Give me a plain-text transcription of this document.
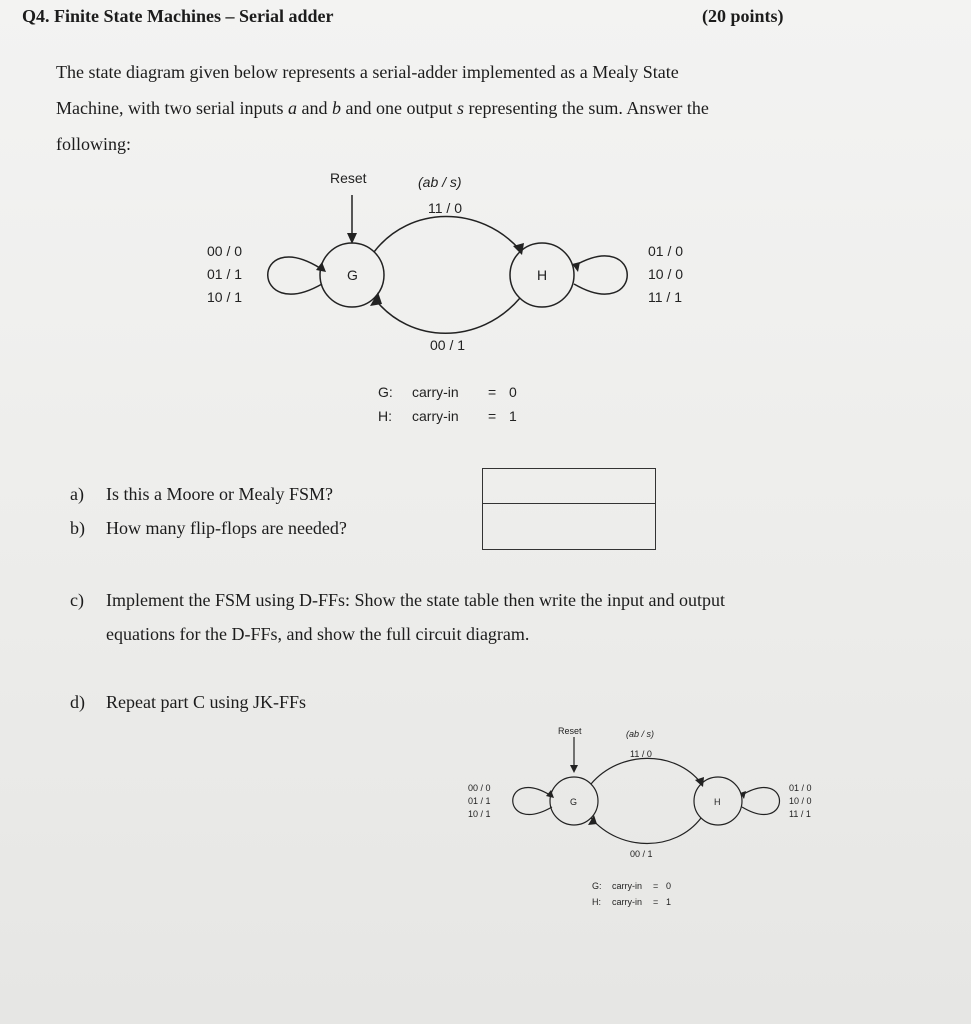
Q4. Finite State Machines – Serial adder	(20 points)
The state diagram given below represents a serial-adder implemented as a Mealy State
Machine, with two serial inputs a and b and one output s representing the sum. Answer the
following:
Reset	(ab / s)
11 / 0
00 / 1
G	H
00 / 0
01 / 1
10 / 1
01 / 0
10 / 0
11 / 1
G: carry-in = 0
H: carry-in = 1
a) Is this a Moore or Mealy FSM?
b) How many flip-flops are needed?
c) Implement the FSM using D-FFs: Show the state table then write the input and output
equations for the D-FFs, and show the full circuit diagram.
d) Repeat part C using JK-FFs
Reset	(ab / s)
11 / 0
00 / 1
G	H
00 / 0
01 / 1
10 / 1
01 / 0
10 / 0
11 / 1
G: carry-in = 0
H: carry-in = 1
